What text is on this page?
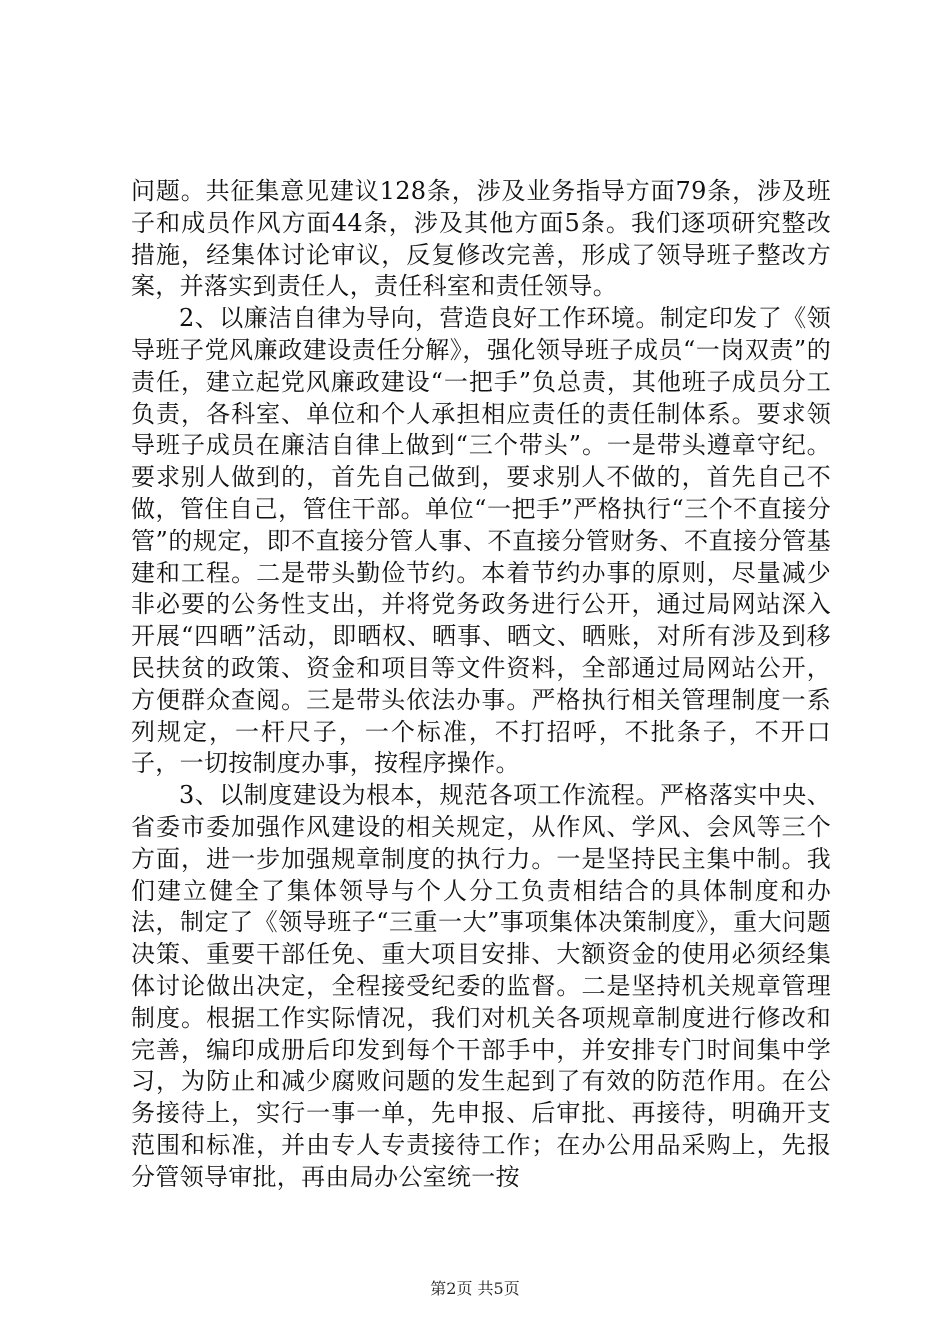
问题。共征集意见建议128条，涉及业务指导方面79条，涉及班子和成员作风方面44条，涉及其他方面5条。我们逐项研究整改措施，经集体讨论审议，反复修改完善，形成了领导班子整改方案，并落实到责任人，责任科室和责任领导。

2、以廉洁自律为导向，营造良好工作环境。制定印发了《领导班子党风廉政建设责任分解》，强化领导班子成员“一岗双责”的责任，建立起党风廉政建设“一把手”负总责，其他班子成员分工负责，各科室、单位和个人承担相应责任的责任制体系。要求领导班子成员在廉洁自律上做到“三个带头”。一是带头遵章守纪。要求别人做到的，首先自己做到，要求别人不做的，首先自己不做，管住自己，管住干部。单位“一把手”严格执行“三个不直接分管”的规定，即不直接分管人事、不直接分管财务、不直接分管基建和工程。二是带头勤俭节约。本着节约办事的原则，尽量减少非必要的公务性支出，并将党务政务进行公开，通过局网站深入开展“四晒”活动，即晒权、晒事、晒文、晒账，对所有涉及到移民扶贫的政策、资金和项目等文件资料，全部通过局网站公开，方便群众查阅。三是带头依法办事。严格执行相关管理制度一系列规定，一杆尺子，一个标准，不打招呼，不批条子，不开口子，一切按制度办事，按程序操作。

3、以制度建设为根本，规范各项工作流程。严格落实中央、省委市委加强作风建设的相关规定，从作风、学风、会风等三个方面，进一步加强规章制度的执行力。一是坚持民主集中制。我们建立健全了集体领导与个人分工负责相结合的具体制度和办法，制定了《领导班子“三重一大”事项集体决策制度》，重大问题决策、重要干部任免、重大项目安排、大额资金的使用必须经集体讨论做出决定，全程接受纪委的监督。二是坚持机关规章管理制度。根据工作实际情况，我们对机关各项规章制度进行修改和完善，编印成册后印发到每个干部手中，并安排专门时间集中学习，为防止和减少腐败问题的发生起到了有效的防范作用。在公务接待上，实行一事一单，先申报、后审批、再接待，明确开支范围和标准，并由专人专责接待工作；在办公用品采购上，先报分管领导审批，再由局办公室统一按

第2页 共5页
